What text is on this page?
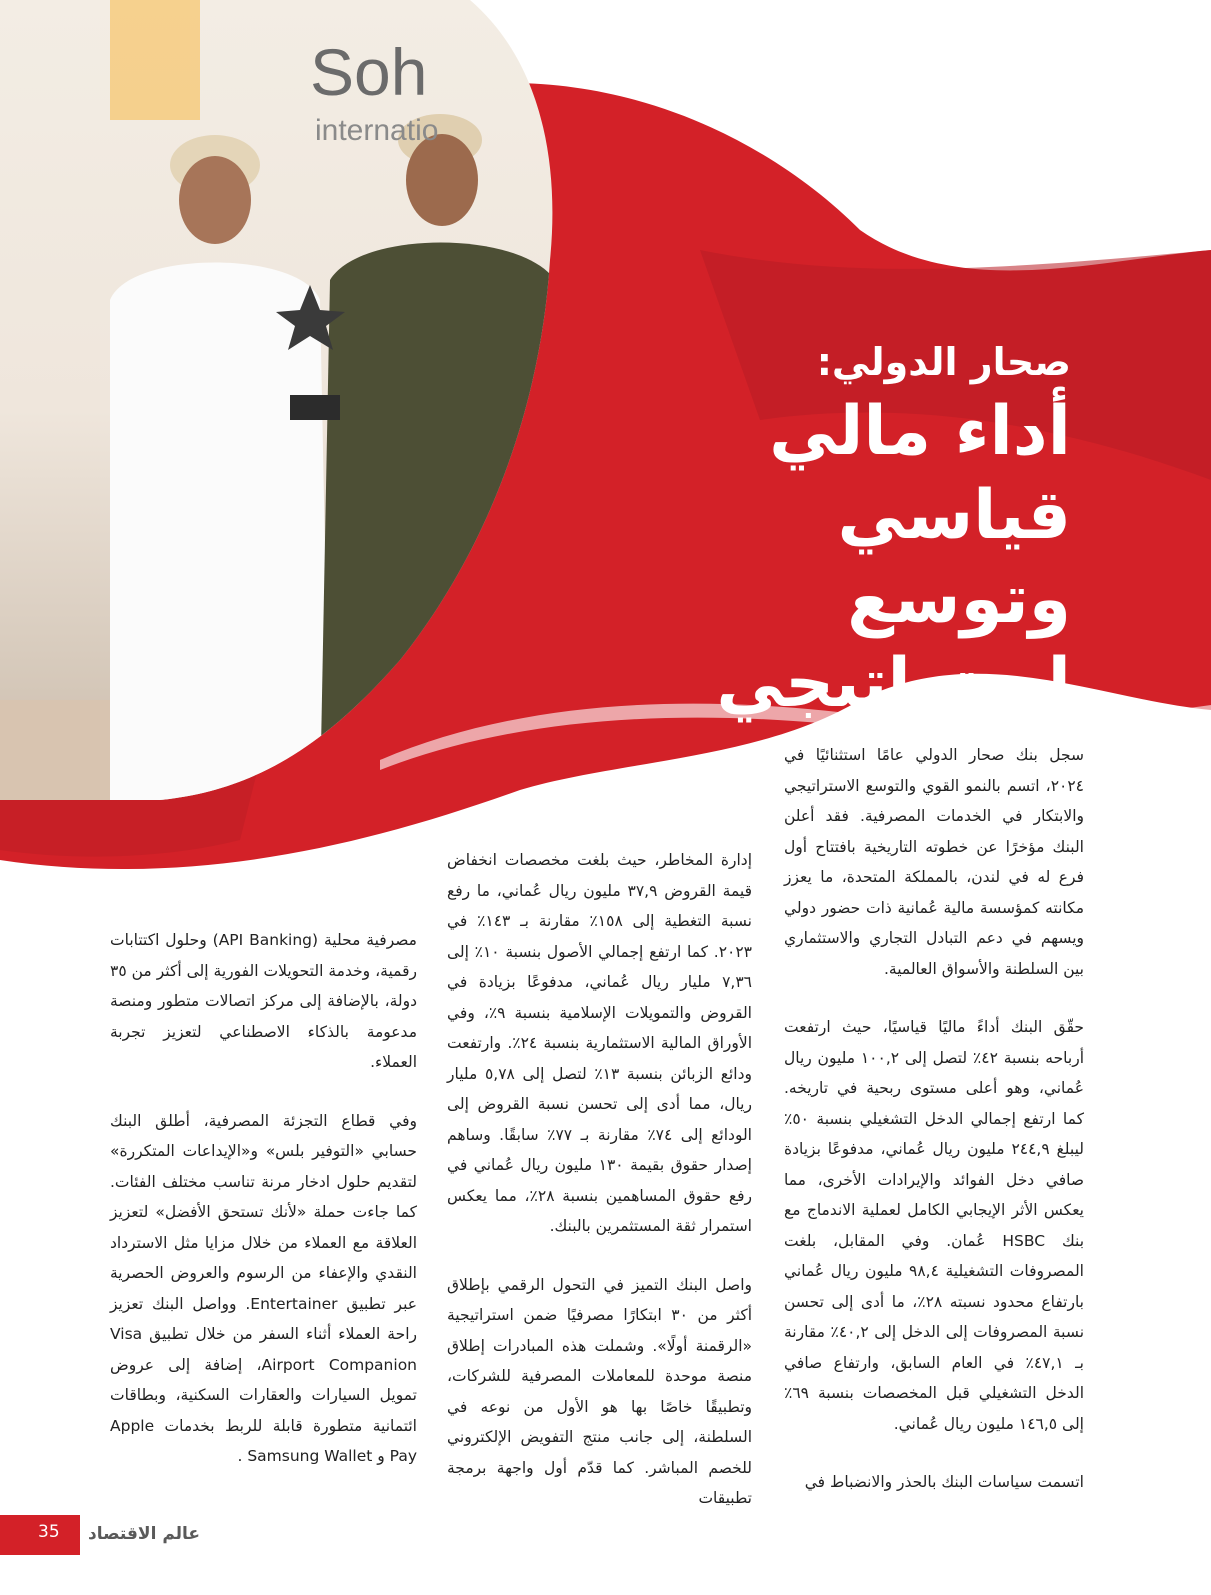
Soh
internatio
صحار الدولي:
أداء مالي
قياسي وتوسع
استراتيجي

سجل بنك صحار الدولي عامًا استثنائيًا في ٢٠٢٤، اتسم بالنمو القوي والتوسع الاستراتيجي والابتكار في الخدمات المصرفية. فقد أعلن البنك مؤخرًا عن خطوته التاريخية بافتتاح أول فرع له في لندن، بالمملكة المتحدة، ما يعزز مكانته كمؤسسة مالية عُمانية ذات حضور دولي ويسهم في دعم التبادل التجاري والاستثماري بين السلطنة والأسواق العالمية.

حقّق البنك أداءً ماليًا قياسيًا، حيث ارتفعت أرباحه بنسبة ٤٢٪ لتصل إلى ١٠٠,٢ مليون ريال عُماني، وهو أعلى مستوى ربحية في تاريخه. كما ارتفع إجمالي الدخل التشغيلي بنسبة ٥٠٪ ليبلغ ٢٤٤,٩ مليون ريال عُماني، مدفوعًا بزيادة صافي دخل الفوائد والإيرادات الأخرى، مما يعكس الأثر الإيجابي الكامل لعملية الاندماج مع بنك HSBC عُمان. وفي المقابل، بلغت المصروفات التشغيلية ٩٨,٤ مليون ريال عُماني بارتفاع محدود نسبته ٢٨٪، ما أدى إلى تحسن نسبة المصروفات إلى الدخل إلى ٤٠,٢٪ مقارنة بـ ٤٧,١٪ في العام السابق، وارتفاع صافي الدخل التشغيلي قبل المخصصات بنسبة ٦٩٪ إلى ١٤٦,٥ مليون ريال عُماني.

اتسمت سياسات البنك بالحذر والانضباط في

إدارة المخاطر، حيث بلغت مخصصات انخفاض قيمة القروض ٣٧,٩ مليون ريال عُماني، ما رفع نسبة التغطية إلى ١٥٨٪ مقارنة بـ ١٤٣٪ في ٢٠٢٣. كما ارتفع إجمالي الأصول بنسبة ١٠٪ إلى ٧,٣٦ مليار ريال عُماني، مدفوعًا بزيادة في القروض والتمويلات الإسلامية بنسبة ٩٪، وفي الأوراق المالية الاستثمارية بنسبة ٢٤٪. وارتفعت ودائع الزبائن بنسبة ١٣٪ لتصل إلى ٥,٧٨ مليار ريال، مما أدى إلى تحسن نسبة القروض إلى الودائع إلى ٧٤٪ مقارنة بـ ٧٧٪ سابقًا. وساهم إصدار حقوق بقيمة ١٣٠ مليون ريال عُماني في رفع حقوق المساهمين بنسبة ٢٨٪، مما يعكس استمرار ثقة المستثمرين بالبنك.

واصل البنك التميز في التحول الرقمي بإطلاق أكثر من ٣٠ ابتكارًا مصرفيًا ضمن استراتيجية «الرقمنة أولًا». وشملت هذه المبادرات إطلاق منصة موحدة للمعاملات المصرفية للشركات، وتطبيقًا خاصًا بها هو الأول من نوعه في السلطنة، إلى جانب منتج التفويض الإلكتروني للخصم المباشر. كما قدّم أول واجهة برمجة تطبيقات

مصرفية محلية (API Banking) وحلول اكتتابات رقمية، وخدمة التحويلات الفورية إلى أكثر من ٣٥ دولة، بالإضافة إلى مركز اتصالات متطور ومنصة مدعومة بالذكاء الاصطناعي لتعزيز تجربة العملاء.

وفي قطاع التجزئة المصرفية، أطلق البنك حسابي «التوفير بلس» و«الإيداعات المتكررة» لتقديم حلول ادخار مرنة تناسب مختلف الفئات. كما جاءت حملة «لأنك تستحق الأفضل» لتعزيز العلاقة مع العملاء من خلال مزايا مثل الاسترداد النقدي والإعفاء من الرسوم والعروض الحصرية عبر تطبيق Entertainer. وواصل البنك تعزيز راحة العملاء أثناء السفر من خلال تطبيق Visa Airport Companion، إضافة إلى عروض تمويل السيارات والعقارات السكنية، وبطاقات ائتمانية متطورة قابلة للربط بخدمات Apple Pay و Samsung Wallet .

35 عالم الاقتصاد
